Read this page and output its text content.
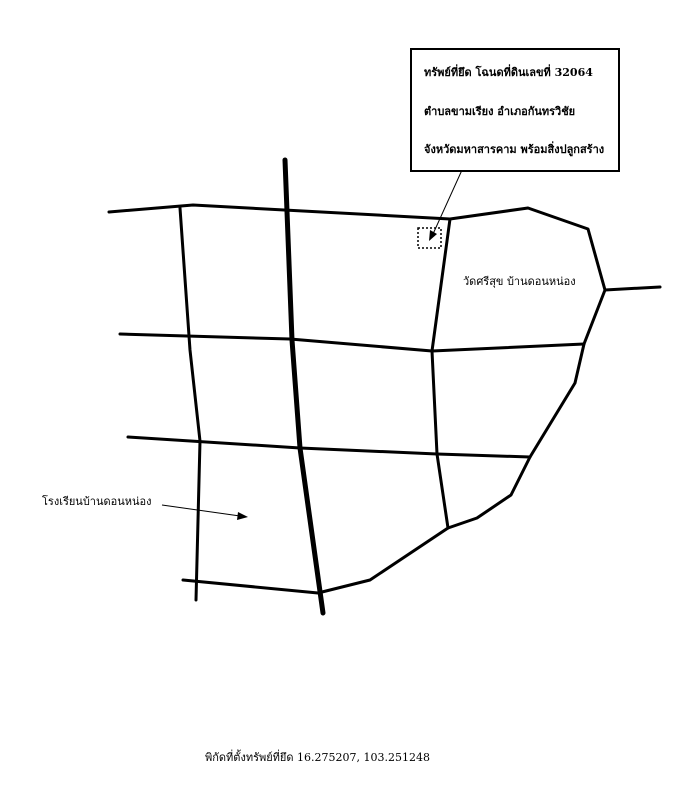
ทรัพย์ที่ยึด โฉนดที่ดินเลขที่ 32064
ตำบลขามเรียง อำเภอกันทรวิชัย
จังหวัดมหาสารคาม พร้อมสิ่งปลูกสร้าง
วัดศรีสุข บ้านดอนหน่อง
โรงเรียนบ้านดอนหน่อง
พิกัดที่ตั้งทรัพย์ที่ยึด 16.275207, 103.251248
